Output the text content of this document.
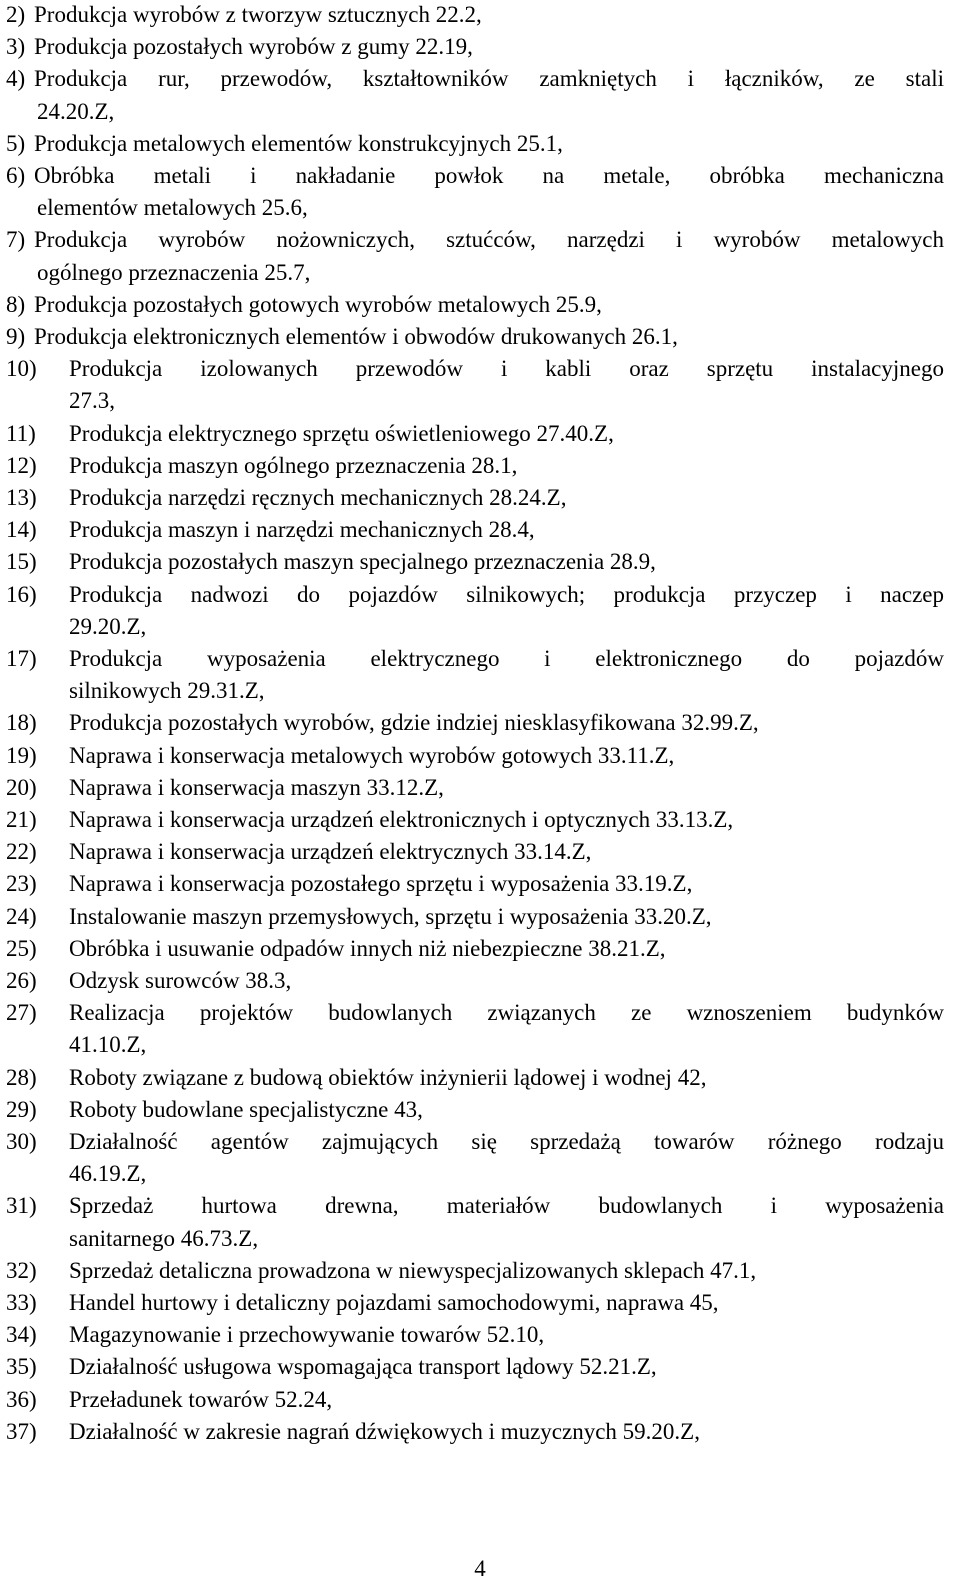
2) Produkcja wyrobów z tworzyw sztucznych 22.2,
3) Produkcja pozostałych wyrobów z gumy 22.19,
4) Produkcja rur, przewodów, kształtowników zamkniętych i łączników, ze stali
24.20.Z,
5) Produkcja metalowych elementów konstrukcyjnych 25.1,
6) Obróbka metali i nakładanie powłok na metale, obróbka mechaniczna
elementów metalowych 25.6,
7) Produkcja wyrobów nożowniczych, sztućców, narzędzi i wyrobów metalowych
ogólnego przeznaczenia 25.7,
8) Produkcja pozostałych gotowych wyrobów metalowych 25.9,
9) Produkcja elektronicznych elementów i obwodów drukowanych 26.1,
10) Produkcja izolowanych przewodów i kabli oraz sprzętu instalacyjnego
27.3,
11) Produkcja elektrycznego sprzętu oświetleniowego 27.40.Z,
12) Produkcja maszyn ogólnego przeznaczenia 28.1,
13) Produkcja narzędzi ręcznych mechanicznych 28.24.Z,
14) Produkcja maszyn i narzędzi mechanicznych 28.4,
15) Produkcja pozostałych maszyn specjalnego przeznaczenia 28.9,
16) Produkcja nadwozi do pojazdów silnikowych; produkcja przyczep i naczep
29.20.Z,
17) Produkcja wyposażenia elektrycznego i elektronicznego do pojazdów
silnikowych 29.31.Z,
18) Produkcja pozostałych wyrobów, gdzie indziej niesklasyfikowana 32.99.Z,
19) Naprawa i konserwacja metalowych wyrobów gotowych 33.11.Z,
20) Naprawa i konserwacja maszyn 33.12.Z,
21) Naprawa i konserwacja urządzeń elektronicznych i optycznych 33.13.Z,
22) Naprawa i konserwacja urządzeń elektrycznych 33.14.Z,
23) Naprawa i konserwacja pozostałego sprzętu i wyposażenia 33.19.Z,
24) Instalowanie maszyn przemysłowych, sprzętu i wyposażenia 33.20.Z,
25) Obróbka i usuwanie odpadów innych niż niebezpieczne 38.21.Z,
26) Odzysk surowców 38.3,
27) Realizacja projektów budowlanych związanych ze wznoszeniem budynków
41.10.Z,
28) Roboty związane z budową obiektów inżynierii lądowej i wodnej 42,
29) Roboty budowlane specjalistyczne 43,
30) Działalność agentów zajmujących się sprzedażą towarów różnego rodzaju
46.19.Z,
31) Sprzedaż hurtowa drewna, materiałów budowlanych i wyposażenia
sanitarnego 46.73.Z,
32) Sprzedaż detaliczna prowadzona w niewyspecjalizowanych sklepach 47.1,
33) Handel hurtowy i detaliczny pojazdami samochodowymi, naprawa 45,
34) Magazynowanie i przechowywanie towarów 52.10,
35) Działalność usługowa wspomagająca transport lądowy 52.21.Z,
36) Przeładunek towarów 52.24,
37) Działalność w zakresie nagrań dźwiękowych i muzycznych 59.20.Z,
4
